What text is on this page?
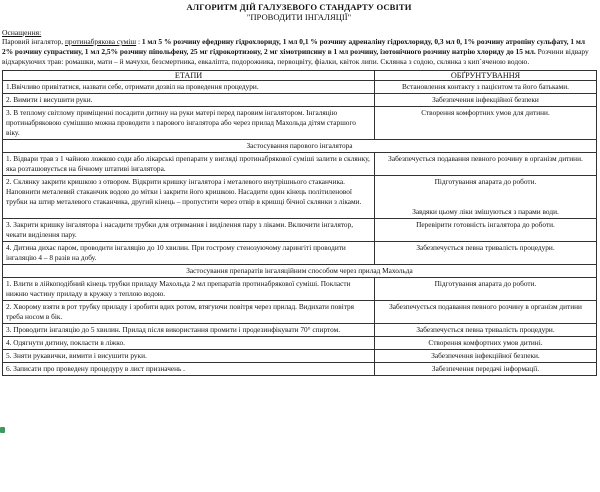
АЛГОРИТМ ДІЙ ГАЛУЗЕВОГО СТАНДАРТУ ОСВІТИ
"ПРОВОДИТИ ІНГАЛЯЦІЇ"
Оснащення:
Паровий інгалятор, протинабрякова суміш : 1 мл 5 % розчину ефедрину гідрохлориду, 1 мл 0,1 % розчину адреналіну гідрохлориду, 0,3 мл 0, 1% розчину атропіну сульфату, 1 мл 2% розчину супрастину, 1 мл 2,5% розчину піпольфену, 25 мг гідрокортизону, 2 мг хімотрипсину в 1 мл розчину, ізотонічного розчину натрію хлориду до 15 мл. Розчини відвару відхаркуючих трав: ромашки, мати – й мачухи, безсмертника, евкаліпта, подорожника, первоцвіту, фіалки, квіток липи. Склянка з содою, склянка з кип`яченою водою.
ЕТАПИ	ОБҐРУНТУВАННЯ
1.Ввічливо привітатися, назвати себе, отримати дозвіл на проведення процедури.	Встановлення контакту з пацієнтом та його батьками.
2. Вимити і висушити руки.	Забезпечення інфекційної безпеки
3. В теплому світлому приміщенні посадити дитину на руки матері перед паровим інгалятором. Інгаляцію протинабряковою сумішшю можна проводити з парового інгалятора або через прилад Махольда дітям старшого віку.	Створення комфортних умов для дитини.
Застосування парового інгалятора	
1. Відвари трав з 1 чайною ложкою соди або лікарські препарати у вигляді протинабрякової суміші залити в склянку, яка розташовується на бічному штативі інгалятора.	Забезпечується подавання певного розчину в організм дитини.
2. Склянку закрити кришкою з отвором. Відкрити кришку інгалятора і металевого внутрішнього стаканчика. Наповнити металевий стаканчик водою до мітки і закрити його кришкою. Насадити один кінець політиленової трубки на штир металевого стаканчика, другий кінець – пропустити через отвір в кришці бічної склянки з ліками.	Підготування апарата до роботи.
Завдяки цьому ліки змішуються з парами води.

3. Закрити кришку інгалятора і насадити трубки для отримання і виділення пару з ліками. Включити інгалятор, чекати виділення пару.	Перевірити готовність інгалятора до роботи.
4. Дитина дихає паром, проводити інгаляцію до 10 хвилин. При гострому стенозуючому ларингіті проводити інгаляцію 4 – 8 разів на добу.	Забезпечується певна тривалість процедури.
Застосування препаратів інгаляційним способом через прилад Махольда	
1. Влити в лійкоподібний кінець трубки приладу Махольда 2 мл препаратів протинабрякової суміші. Покласти нижню частину приладу в кружку з теплою водою.	Підготування апарата до роботи.
2. Хворому взяти в рот трубку приладу і зробити вдих ротом, втягуючи повітря через прилад. Видихати повітря треба носом в бік.	Забезпечується подавання певного розчину в організм дитини
3. Проводити інгаляцію до 5 хвилин. Прилад після використання промити і продезинфікувати 70° спиртом.	Забезпечується певна тривалість процедури.
4. Одягнути дитину, покласти в ліжко.	Створення комфортних умов дитині.
5. Зняти рукавички, вимити і висушити руки.	Забезпечення інфекційної безпеки.
6. Записати про проведену процедуру в лист призначень .	Забезпечення передачі інформації.
